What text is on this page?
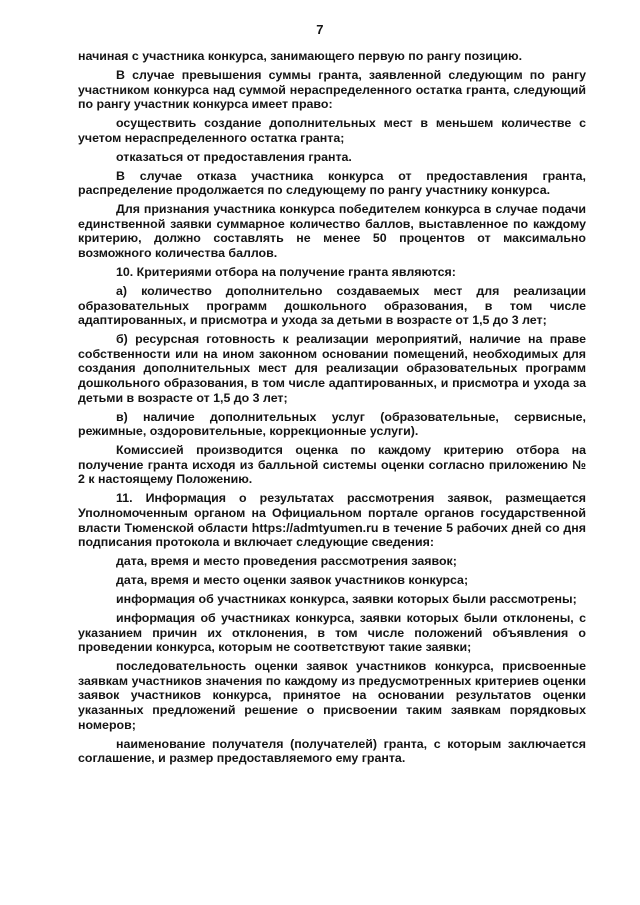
7

начиная с участника конкурса, занимающего первую по рангу позицию.

В случае превышения суммы гранта, заявленной следующим по рангу участником конкурса над суммой нераспределенного остатка гранта, следующий по рангу участник конкурса имеет право:

осуществить создание дополнительных мест в меньшем количестве с учетом нераспределенного остатка гранта;

отказаться от предоставления гранта.

В случае отказа участника конкурса от предоставления гранта, распределение продолжается по следующему по рангу участнику конкурса.

Для признания участника конкурса победителем конкурса в случае подачи единственной заявки суммарное количество баллов, выставленное по каждому критерию, должно составлять не менее 50 процентов от максимально возможного количества баллов.

10. Критериями отбора на получение гранта являются:

а) количество дополнительно создаваемых мест для реализации образовательных программ дошкольного образования, в том числе адаптированных, и присмотра и ухода за детьми в возрасте от 1,5 до 3 лет;

б) ресурсная готовность к реализации мероприятий, наличие на праве собственности или на ином законном основании помещений, необходимых для создания дополнительных мест для реализации образовательных программ дошкольного образования, в том числе адаптированных, и присмотра и ухода за детьми в возрасте от 1,5 до 3 лет;

в) наличие дополнительных услуг (образовательные, сервисные, режимные, оздоровительные, коррекционные услуги).

Комиссией производится оценка по каждому критерию отбора на получение гранта исходя из балльной системы оценки согласно приложению № 2 к настоящему Положению.

11. Информация о результатах рассмотрения заявок, размещается Уполномоченным органом на Официальном портале органов государственной власти Тюменской области https://admtyumen.ru в течение 5 рабочих дней со дня подписания протокола и включает следующие сведения:

дата, время и место проведения рассмотрения заявок;

дата, время и место оценки заявок участников конкурса;

информация об участниках конкурса, заявки которых были рассмотрены;

информация об участниках конкурса, заявки которых были отклонены, с указанием причин их отклонения, в том числе положений объявления о проведении конкурса, которым не соответствуют такие заявки;

последовательность оценки заявок участников конкурса, присвоенные заявкам участников значения по каждому из предусмотренных критериев оценки заявок участников конкурса, принятое на основании результатов оценки указанных предложений решение о присвоении таким заявкам порядковых номеров;

наименование получателя (получателей) гранта, с которым заключается соглашение, и размер предоставляемого ему гранта.
